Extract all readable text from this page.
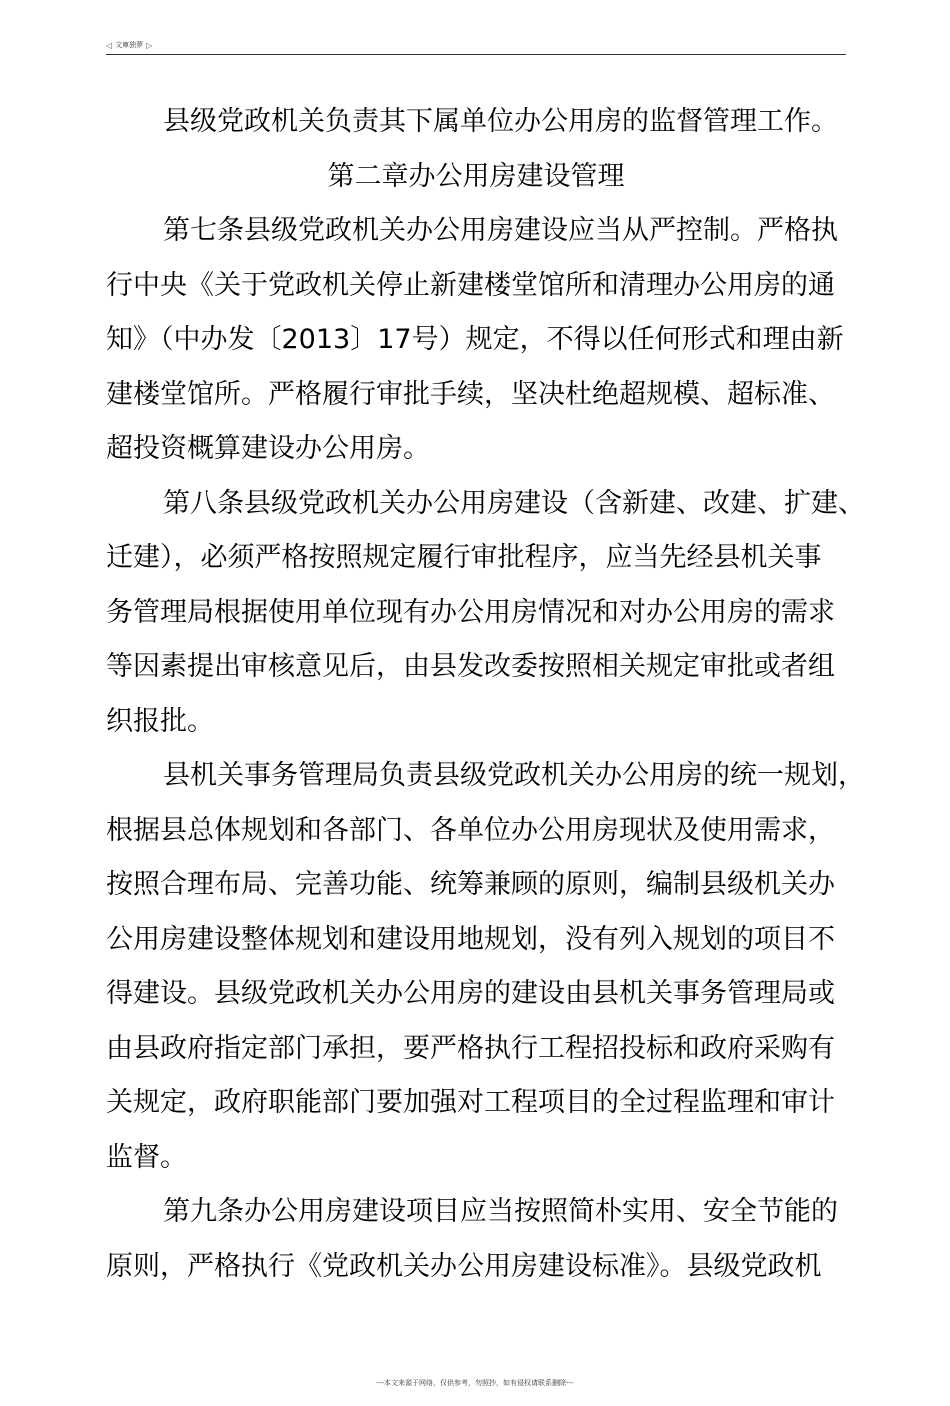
◁ 文庫独夢 ▷
县级党政机关负责其下属单位办公用房的监督管理工作。
第二章办公用房建设管理
第七条县级党政机关办公用房建设应当从严控制。严格执
行中央《关于党政机关停止新建楼堂馆所和清理办公用房的通
知》（中办发〔2013〕17号）规定，不得以任何形式和理由新
建楼堂馆所。严格履行审批手续，坚决杜绝超规模、超标准、
超投资概算建设办公用房。
第八条县级党政机关办公用房建设（含新建、改建、扩建、
迁建），必须严格按照规定履行审批程序，应当先经县机关事
务管理局根据使用单位现有办公用房情况和对办公用房的需求
等因素提出审核意见后，由县发改委按照相关规定审批或者组
织报批。
县机关事务管理局负责县级党政机关办公用房的统一规划，
根据县总体规划和各部门、各单位办公用房现状及使用需求，
按照合理布局、完善功能、统筹兼顾的原则，编制县级机关办
公用房建设整体规划和建设用地规划，没有列入规划的项目不
得建设。县级党政机关办公用房的建设由县机关事务管理局或
由县政府指定部门承担，要严格执行工程招投标和政府采购有
关规定，政府职能部门要加强对工程项目的全过程监理和审计
监督。
第九条办公用房建设项目应当按照简朴实用、安全节能的
原则，严格执行《党政机关办公用房建设标准》。县级党政机
---本文来源于网络，仅供参考，勿照抄，如有侵权请联系删除---
